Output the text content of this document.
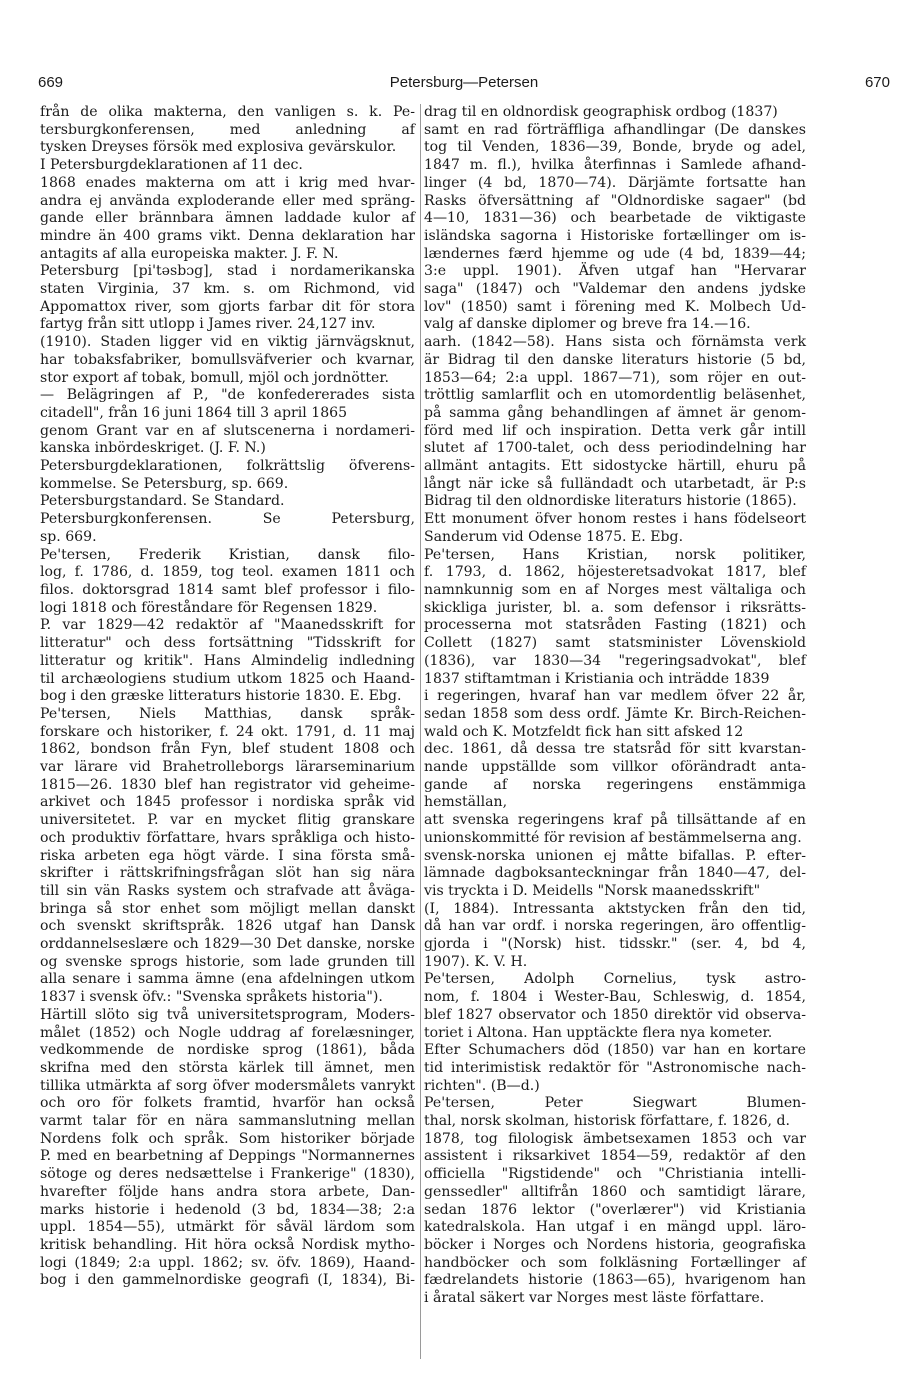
669	Petersburg—Petersen	670
från de olika makterna, den vanligen s. k. Pe-
tersburgkonferensen, med anledning af
tysken Dreyses försök med explosiva gevärskulor.
I Petersburgdeklarationen af 11 dec.
1868 enades makterna om att i krig med hvar-
andra ej använda exploderande eller med spräng-
gande eller brännbara ämnen laddade kulor af
mindre än 400 grams vikt. Denna deklaration har
antagits af alla europeiska makter. J. F. N.
Petersburg [pi'təsbɔg], stad i nordamerikanska
staten Virginia, 37 km. s. om Richmond, vid
Appomattox river, som gjorts farbar dit för stora
fartyg från sitt utlopp i James river. 24,127 inv.
(1910). Staden ligger vid en viktig järnvägsknut,
har tobaksfabriker, bomullsväfverier och kvarnar,
stor export af tobak, bomull, mjöl och jordnötter.
— Belägringen af P., "de konfedererades sista
citadell", från 16 juni 1864 till 3 april 1865
genom Grant var en af slutscenerna i nordameri-
kanska inbördeskriget. (J. F. N.)
Petersburgdeklarationen, folkrättslig öfverens-
kommelse. Se Petersburg, sp. 669.
Petersburgstandard. Se Standard.
Petersburgkonferensen. Se Petersburg,
sp. 669.
Pe'tersen, Frederik Kristian, dansk filo-
log, f. 1786, d. 1859, tog teol. examen 1811 och
filos. doktorsgrad 1814 samt blef professor i filo-
logi 1818 och föreståndare för Regensen 1829.
P. var 1829—42 redaktör af "Maanedsskrift for
litteratur" och dess fortsättning "Tidsskrift for
litteratur og kritik". Hans Almindelig indledning
til archæologiens studium utkom 1825 och Haand-
bog i den græske litteraturs historie 1830. E. Ebg.
Pe'tersen, Niels Matthias, dansk språk-
forskare och historiker, f. 24 okt. 1791, d. 11 maj
1862, bondson från Fyn, blef student 1808 och
var lärare vid Brahetrolleborgs lärarseminarium
1815—26. 1830 blef han registrator vid geheime-
arkivet och 1845 professor i nordiska språk vid
universitetet. P. var en mycket flitig granskare
och produktiv författare, hvars språkliga och histo-
riska arbeten ega högt värde. I sina första små-
skrifter i rättskrifningsfrågan slöt han sig nära
till sin vän Rasks system och strafvade att åväga-
bringa så stor enhet som möjligt mellan danskt
och svenskt skriftspråk. 1826 utgaf han Dansk
orddannelseslære och 1829—30 Det danske, norske
og svenske sprogs historie, som lade grunden till
alla senare i samma ämne (ena afdelningen utkom
1837 i svensk öfv.: "Svenska språkets historia").
Härtill slöto sig två universitetsprogram, Moders-
målet (1852) och Nogle uddrag af forelæsninger,
vedkommende de nordiske sprog (1861), båda
skrifna med den största kärlek till ämnet, men
tillika utmärkta af sorg öfver modersmålets vanrykt
och oro för folkets framtid, hvarför han också
varmt talar för en nära sammanslutning mellan
Nordens folk och språk. Som historiker började
P. med en bearbetning af Deppings "Normannernes
sötoge og deres nedsættelse i Frankerige" (1830),
hvarefter följde hans andra stora arbete, Dan-
marks historie i hedenold (3 bd, 1834—38; 2:a
uppl. 1854—55), utmärkt för såväl lärdom som
kritisk behandling. Hit höra också Nordisk mytho-
logi (1849; 2:a uppl. 1862; sv. öfv. 1869), Haand-
bog i den gammelnordiske geografi (I, 1834), Bi-
drag til en oldnordisk geographisk ordbog (1837)
samt en rad förträffliga afhandlingar (De danskes
tog til Venden, 1836—39, Bonde, bryde og adel,
1847 m. fl.), hvilka återfinnas i Samlede afhand-
linger (4 bd, 1870—74). Därjämte fortsatte han
Rasks öfversättning af "Oldnordiske sagaer" (bd
4—10, 1831—36) och bearbetade de viktigaste
isländska sagorna i Historiske fortællinger om is-
lændernes færd hjemme og ude (4 bd, 1839—44;
3:e uppl. 1901). Äfven utgaf han "Hervarar
saga" (1847) och "Valdemar den andens jydske
lov" (1850) samt i förening med K. Molbech Ud-
valg af danske diplomer og breve fra 14.—16.
aarh. (1842—58). Hans sista och förnämsta verk
är Bidrag til den danske literaturs historie (5 bd,
1853—64; 2:a uppl. 1867—71), som röjer en out-
tröttlig samlarflit och en utomordentlig beläsenhet,
på samma gång behandlingen af ämnet är genom-
förd med lif och inspiration. Detta verk går intill
slutet af 1700-talet, och dess periodindelning har
allmänt antagits. Ett sidostycke härtill, ehuru på
långt när icke så fulländadt och utarbetadt, är P:s
Bidrag til den oldnordiske literaturs historie (1865).
Ett monument öfver honom restes i hans födelseort
Sanderum vid Odense 1875. E. Ebg.
Pe'tersen, Hans Kristian, norsk politiker,
f. 1793, d. 1862, höjesteretsadvokat 1817, blef
namnkunnig som en af Norges mest vältaliga och
skickliga jurister, bl. a. som defensor i riksrätts-
processerna mot statsråden Fasting (1821) och
Collett (1827) samt statsminister Lövenskiold
(1836), var 1830—34 "regeringsadvokat", blef
1837 stiftamtman i Kristiania och inträdde 1839
i regeringen, hvaraf han var medlem öfver 22 år,
sedan 1858 som dess ordf. Jämte Kr. Birch-Reichen-
wald och K. Motzfeldt fick han sitt afsked 12
dec. 1861, då dessa tre statsråd för sitt kvarstan-
nande uppställde som villkor oförändradt anta-
gande af norska regeringens enstämmiga hemställan,
att svenska regeringens kraf på tillsättande af en
unionskommitté för revision af bestämmelserna ang.
svensk-norska unionen ej måtte bifallas. P. efter-
lämnade dagboksanteckningar från 1840—47, del-
vis tryckta i D. Meidells "Norsk maanedsskrift"
(I, 1884). Intressanta aktstycken från den tid,
då han var ordf. i norska regeringen, äro offentlig-
gjorda i "(Norsk) hist. tidsskr." (ser. 4, bd 4,
1907). K. V. H.
Pe'tersen, Adolph Cornelius, tysk astro-
nom, f. 1804 i Wester-Bau, Schleswig, d. 1854,
blef 1827 observator och 1850 direktör vid observa-
toriet i Altona. Han upptäckte flera nya kometer.
Efter Schumachers död (1850) var han en kortare
tid interimistisk redaktör för "Astronomische nach-
richten". (B—d.)
Pe'tersen, Peter Siegwart Blumen-
thal, norsk skolman, historisk författare, f. 1826, d.
1878, tog filologisk ämbetsexamen 1853 och var
assistent i riksarkivet 1854—59, redaktör af den
officiella "Rigstidende" och "Christiania intelli-
genssedler" alltifrån 1860 och samtidigt lärare,
sedan 1876 lektor ("overlærer") vid Kristiania
katedralskola. Han utgaf i en mängd uppl. läro-
böcker i Norges och Nordens historia, geografiska
handböcker och som folkläsning Fortællinger af
fædrelandets historie (1863—65), hvarigenom han
i åratal säkert var Norges mest läste författare.
